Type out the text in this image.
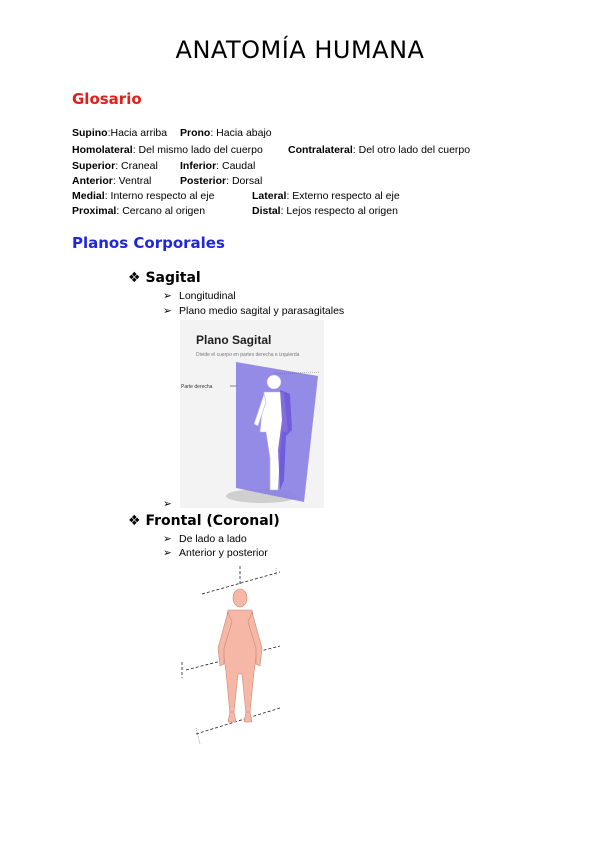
ANATOMÍA HUMANA
Glosario
Supino:Hacia arriba Prono: Hacia abajo
Homolateral: Del mismo lado del cuerpo Contralateral: Del otro lado del cuerpo
Superior: Craneal Inferior: Caudal
Anterior: Ventral	Posterior: Dorsal
Medial: Interno respecto al eje	Lateral: Externo respecto al eje
Proximal: Cercano al origen	Distal: Lejos respecto al origen
Planos Corporales
❖ Sagital
➢ Longitudinal
➢ Plano medio sagital y parasagitales
➢
Plano Sagital
Divide el cuerpo en partes derecha e izquierda
Parte derecha
❖ Frontal (Coronal)
➢ De lado a lado
➢ Anterior y posterior
